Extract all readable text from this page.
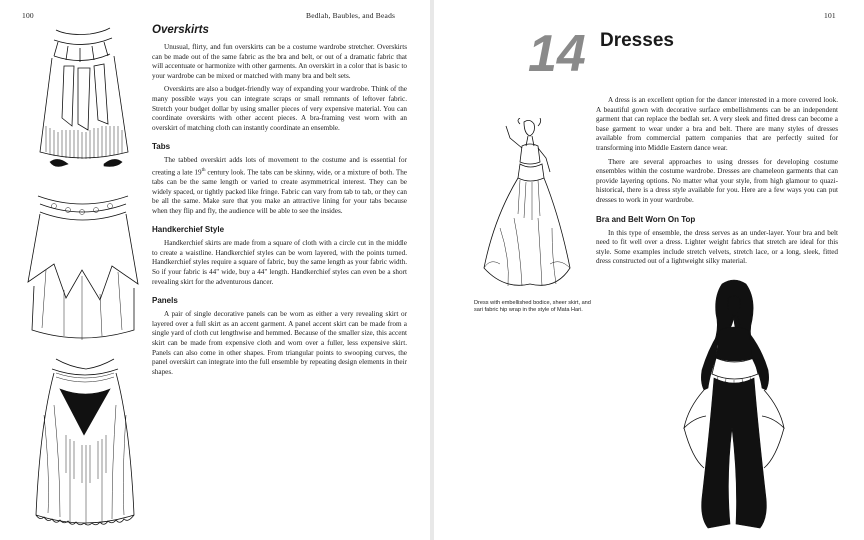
100	Bedlah, Baubles, and Beads
Overskirts

Unusual, flirty, and fun overskirts can be a costume wardrobe stretcher. Overskirts can be made out of the same fabric as the bra and belt, or out of a dramatic fabric that will accentuate or harmonize with other garments. An overskirt in a color that is basic to your wardrobe can be mixed or matched with many bra and belt sets.

Overskirts are also a budget-friendly way of expanding your wardrobe. Think of the many possible ways you can integrate scraps or small remnants of leftover fabric. Stretch your budget dollar by using smaller pieces of very expensive material. You can coordinate overskirts with other accent pieces. A bra-framing vest worn with an overskirt of matching cloth can instantly coordinate an ensemble.

Tabs

The tabbed overskirt adds lots of movement to the costume and is essential for creating a late 19th century look. The tabs can be skinny, wide, or a mixture of both. The tabs can be the same length or varied to create asymmetrical interest. They can be widely spaced, or tightly packed like fringe. Fabric can vary from tab to tab, or they can be all the same. Make sure that you make an attractive lining for your tabs because when they flip and fly, the audience will be able to see the insides.

Handkerchief Style

Handkerchief skirts are made from a square of cloth with a circle cut in the middle to create a waistline. Handkerchief styles can be worn layered, with the points turned. Handkerchief styles require a square of fabric, buy the same length as your fabric width. So if your fabric is 44" wide, buy a 44" length. Handkerchief styles can even be a short revealing skirt for the adventurous dancer.

Panels

A pair of single decorative panels can be worn as either a very revealing skirt or layered over a full skirt as an accent garment. A panel accent skirt can be made from a single yard of cloth cut lengthwise and hemmed. Because of the smaller size, this accent skirt can be made from expensive cloth and worn over a fuller, less expensive skirt. Panels can also come in other shapes. From triangular points to swooping curves, the panel overskirt can integrate into the full ensemble by repeating design elements in their shapes.

101
14 Dresses

A dress is an excellent option for the dancer interested in a more covered look. A beautiful gown with decorative surface embellishments can be an independent garment that can replace the bedlah set. A very sleek and fitted dress can become a base garment to wear under a bra and belt. There are many styles of dresses available from commercial pattern companies that are perfectly suited for transforming into Middle Eastern dance wear.

There are several approaches to using dresses for developing costume ensembles within the costume wardrobe. Dresses are chameleon garments that can provide layering options. No matter what your style, from high glamour to quazi-historical, there is a dress style available for you. Here are a few ways you can put dresses to work in your wardrobe.

Bra and Belt Worn On Top

In this type of ensemble, the dress serves as an under-layer. Your bra and belt need to fit well over a dress. Lighter weight fabrics that stretch are ideal for this style. Some examples include stretch velvets, stretch lace, or a long, sleek, fitted dress constructed out of a lightweight silky material.

Dress with embellished bodice, sheer skirt, and sari fabric hip wrap in the style of Mata Hari.
